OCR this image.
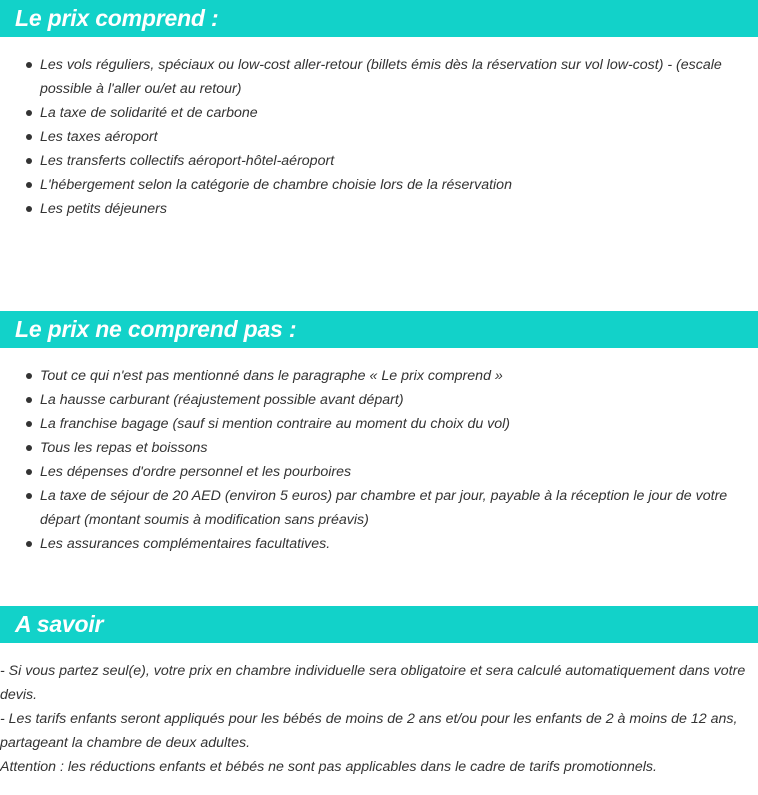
Le prix comprend :
Les vols réguliers, spéciaux ou low-cost aller-retour (billets émis dès la réservation sur vol low-cost) - (escale possible à l'aller ou/et au retour)
La taxe de solidarité et de carbone
Les taxes aéroport
Les transferts collectifs aéroport-hôtel-aéroport
L'hébergement selon la catégorie de chambre choisie lors de la réservation
Les petits déjeuners
Le prix ne comprend pas :
Tout ce qui n'est pas mentionné dans le paragraphe « Le prix comprend »
La hausse carburant (réajustement possible avant départ)
La franchise bagage (sauf si mention contraire au moment du choix du vol)
Tous les repas et boissons
Les dépenses d'ordre personnel et les pourboires
La taxe de séjour de 20 AED (environ 5 euros) par chambre et par jour, payable à la réception le jour de votre départ (montant soumis à modification sans préavis)
Les assurances complémentaires facultatives.
A savoir

- Si vous partez seul(e), votre prix en chambre individuelle sera obligatoire et sera calculé automatiquement dans votre devis.

- Les tarifs enfants seront appliqués pour les bébés de moins de 2 ans et/ou pour les enfants de 2 à moins de 12 ans, partageant la chambre de deux adultes.

Attention : les réductions enfants et bébés ne sont pas applicables dans le cadre de tarifs promotionnels.
